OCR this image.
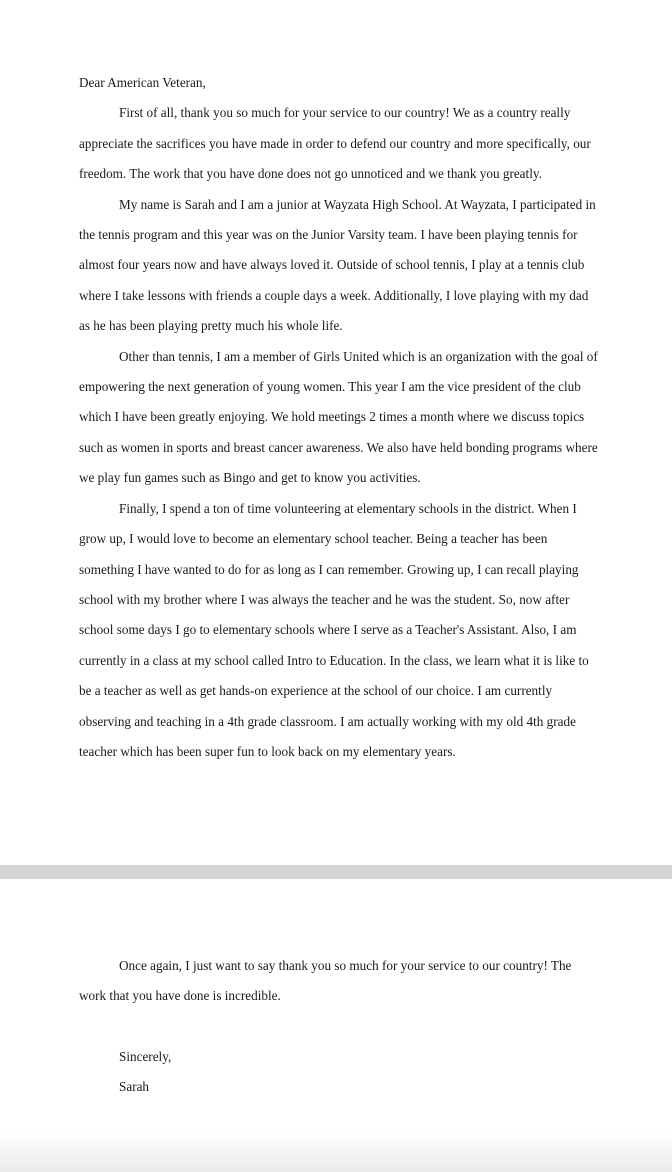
Dear American Veteran,

First of all, thank you so much for your service to our country! We as a country really appreciate the sacrifices you have made in order to defend our country and more specifically, our freedom. The work that you have done does not go unnoticed and we thank you greatly.

My name is Sarah and I am a junior at Wayzata High School. At Wayzata, I participated in the tennis program and this year was on the Junior Varsity team. I have been playing tennis for almost four years now and have always loved it. Outside of school tennis, I play at a tennis club where I take lessons with friends a couple days a week. Additionally, I love playing with my dad as he has been playing pretty much his whole life.

Other than tennis, I am a member of Girls United which is an organization with the goal of empowering the next generation of young women. This year I am the vice president of the club which I have been greatly enjoying. We hold meetings 2 times a month where we discuss topics such as women in sports and breast cancer awareness. We also have held bonding programs where we play fun games such as Bingo and get to know you activities.

Finally, I spend a ton of time volunteering at elementary schools in the district. When I grow up, I would love to become an elementary school teacher. Being a teacher has been something I have wanted to do for as long as I can remember. Growing up, I can recall playing school with my brother where I was always the teacher and he was the student. So, now after school some days I go to elementary schools where I serve as a Teacher's Assistant. Also, I am currently in a class at my school called Intro to Education. In the class, we learn what it is like to be a teacher as well as get hands-on experience at the school of our choice. I am currently observing and teaching in a 4th grade classroom. I am actually working with my old 4th grade teacher which has been super fun to look back on my elementary years.

Once again, I just want to say thank you so much for your service to our country! The work that you have done is incredible.

Sincerely,
Sarah
